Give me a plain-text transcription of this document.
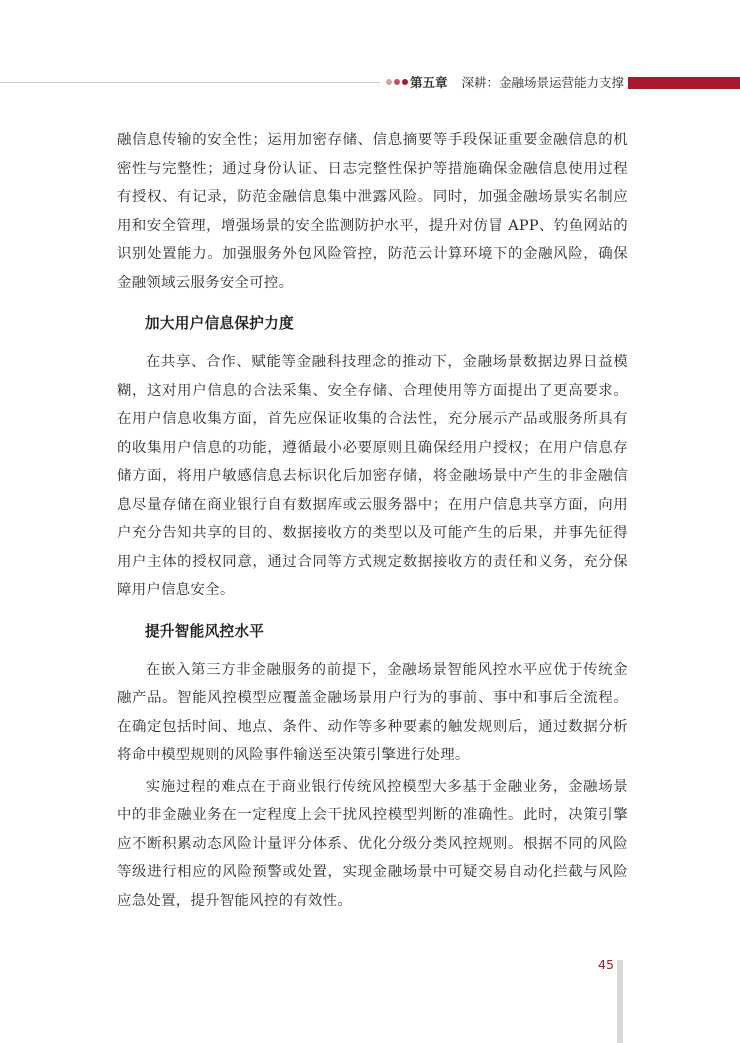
第五章 深耕：金融场景运营能力支撑

融信息传输的安全性；运用加密存储、信息摘要等手段保证重要金融信息的机密性与完整性；通过身份认证、日志完整性保护等措施确保金融信息使用过程有授权、有记录，防范金融信息集中泄露风险。同时，加强金融场景实名制应用和安全管理，增强场景的安全监测防护水平，提升对仿冒 APP、钓鱼网站的识别处置能力。加强服务外包风险管控，防范云计算环境下的金融风险，确保金融领域云服务安全可控。

加大用户信息保护力度

在共享、合作、赋能等金融科技理念的推动下，金融场景数据边界日益模糊，这对用户信息的合法采集、安全存储、合理使用等方面提出了更高要求。在用户信息收集方面，首先应保证收集的合法性，充分展示产品或服务所具有的收集用户信息的功能，遵循最小必要原则且确保经用户授权；在用户信息存储方面，将用户敏感信息去标识化后加密存储，将金融场景中产生的非金融信息尽量存储在商业银行自有数据库或云服务器中；在用户信息共享方面，向用户充分告知共享的目的、数据接收方的类型以及可能产生的后果，并事先征得用户主体的授权同意，通过合同等方式规定数据接收方的责任和义务，充分保障用户信息安全。

提升智能风控水平

在嵌入第三方非金融服务的前提下，金融场景智能风控水平应优于传统金融产品。智能风控模型应覆盖金融场景用户行为的事前、事中和事后全流程。在确定包括时间、地点、条件、动作等多种要素的触发规则后，通过数据分析将命中模型规则的风险事件输送至决策引擎进行处理。

实施过程的难点在于商业银行传统风控模型大多基于金融业务，金融场景中的非金融业务在一定程度上会干扰风控模型判断的准确性。此时，决策引擎应不断积累动态风险计量评分体系、优化分级分类风控规则。根据不同的风险等级进行相应的风险预警或处置，实现金融场景中可疑交易自动化拦截与风险应急处置，提升智能风控的有效性。

45
